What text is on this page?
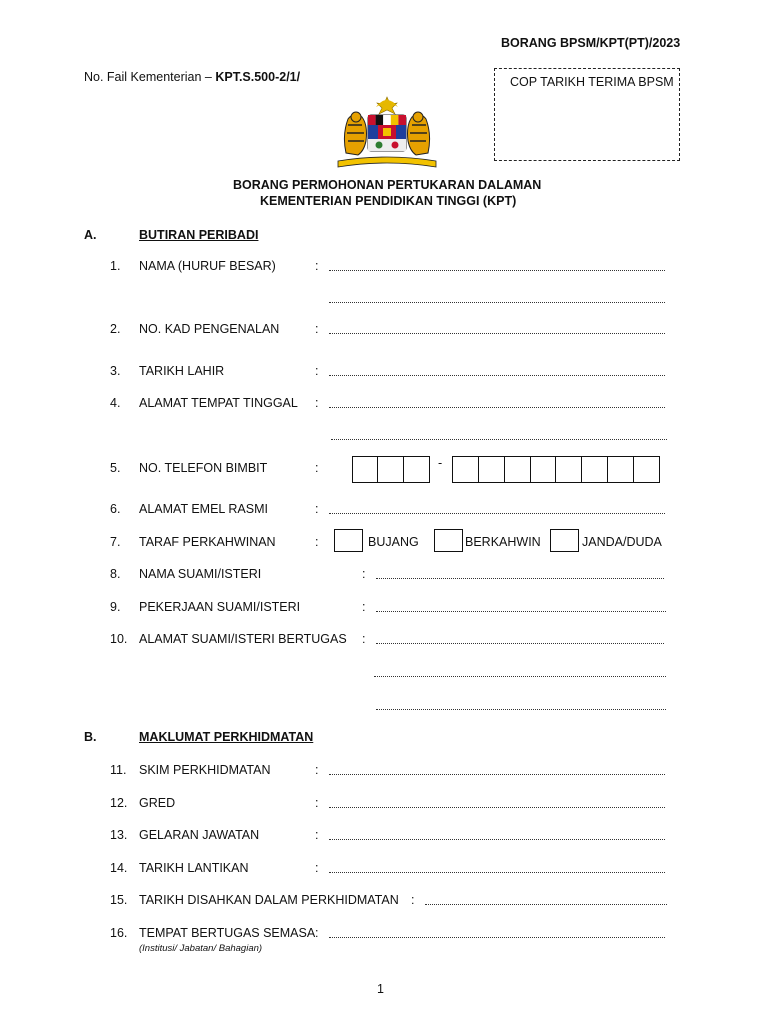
BORANG BPSM/KPT(PT)/2023
No. Fail Kementerian – KPT.S.500-2/1/	COP TARIKH TERIMA BPSM
BORANG PERMOHONAN PERTUKARAN DALAMAN
KEMENTERIAN PENDIDIKAN TINGGI (KPT)
A.	BUTIRAN PERIBADI
1. NAMA (HURUF BESAR)	:
2. NO. KAD PENGENALAN	:
3. TARIKH LAHIR	:
4. ALAMAT TEMPAT TINGGAL :
5. NO. TELEFON BIMBIT	:	-
6. ALAMAT EMEL RASMI	:
7. TARAF PERKAHWINAN	:	BUJANG	BERKAHWIN	JANDA/DUDA
8. NAMA SUAMI/ISTERI	:
9. PEKERJAAN SUAMI/ISTERI	:
10. ALAMAT SUAMI/ISTERI BERTUGAS :
B.	MAKLUMAT PERKHIDMATAN
11. SKIM PERKHIDMATAN	:
12. GRED	:
13. GELARAN JAWATAN	:
14. TARIKH LANTIKAN	:
15. TARIKH DISAHKAN DALAM PERKHIDMATAN :
16. TEMPAT BERTUGAS SEMASA :
(Institusi/ Jabatan/ Bahagian)
1
